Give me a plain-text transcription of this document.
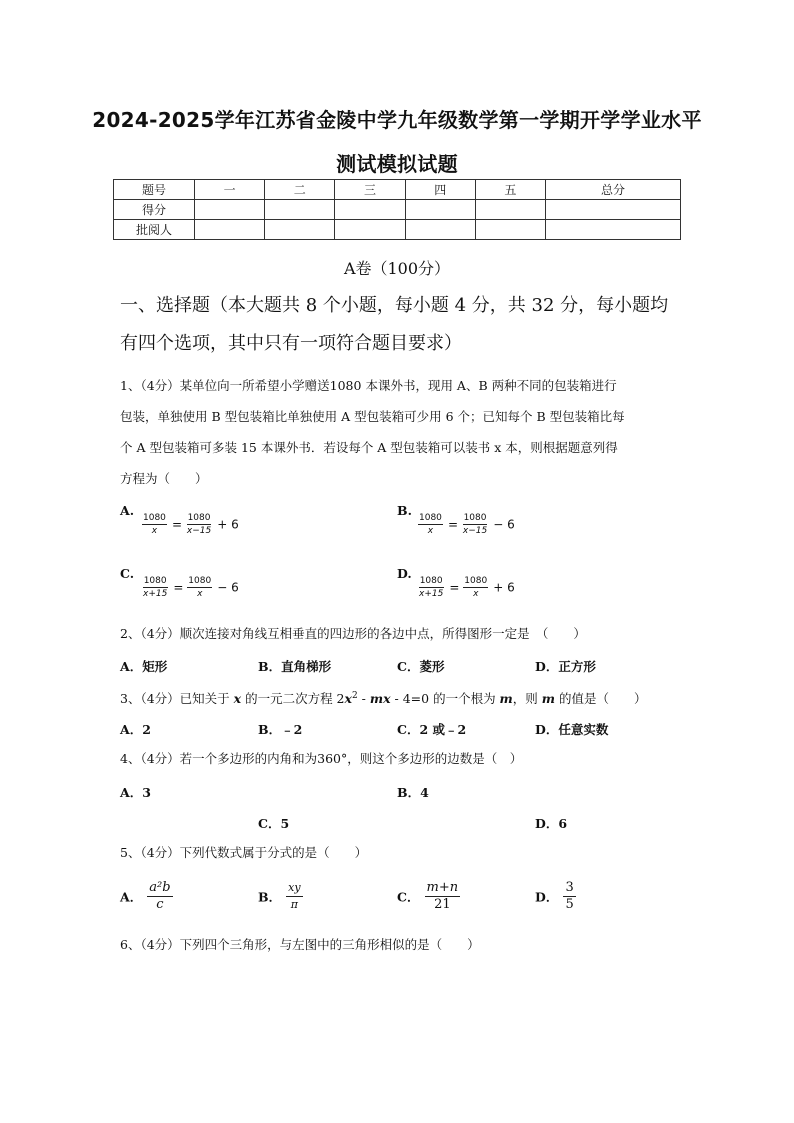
2024-2025学年江苏省金陵中学九年级数学第一学期开学学业水平
测试模拟试题
题号	一	二	三	四	五	总分
得分						
批阅人						
A卷（100分）
一、选择题（本大题共 8 个小题，每小题 4 分，共 32 分，每小题均
有四个选项，其中只有一项符合题目要求）
1、（4分）某单位向一所希望小学赠送1080 本课外书，现用 A、B 两种不同的包装箱进行
包装，单独使用 B 型包装箱比单独使用 A 型包装箱可少用 6 个；已知每个 B 型包装箱比每
个 A 型包装箱可多装 15 本课外书．若设每个 A 型包装箱可以装书 x 本，则根据题意列得
方程为（　　）
A.
$\frac{1080}{x} = \frac{1080}{x-15} + 6$
B.
$\frac{1080}{x} = \frac{1080}{x-15} - 6$
C.
$\frac{1080}{x+15} = \frac{1080}{x} - 6$
D.
$\frac{1080}{x+15} = \frac{1080}{x} + 6$
2、（4分）顺次连接对角线互相垂直的四边形的各边中点，所得图形一定是　（　　）
A．矩形	B．直角梯形	C．菱形	D．正方形
3、（4分）已知关于 x 的一元二次方程 $2x^2$ - mx - 4=0 的一个根为 m，则 m 的值是（　　）
A．2	B．﹣2	C．2 或﹣2	D．任意实数
4、（4分）若一个多边形的内角和为360°，则这个多边形的边数是（　）
A．3	B．4
C．5	D．6
5、（4分）下列代数式属于分式的是（　　）
A． $\frac{\text{a²b}}{c}$	B． $\frac{xy}{\pi}$	C． $\frac{m+n}{21}$	D． $\frac{3}{5}$
6、（4分）下列四个三角形，与左图中的三角形相似的是（　　）
